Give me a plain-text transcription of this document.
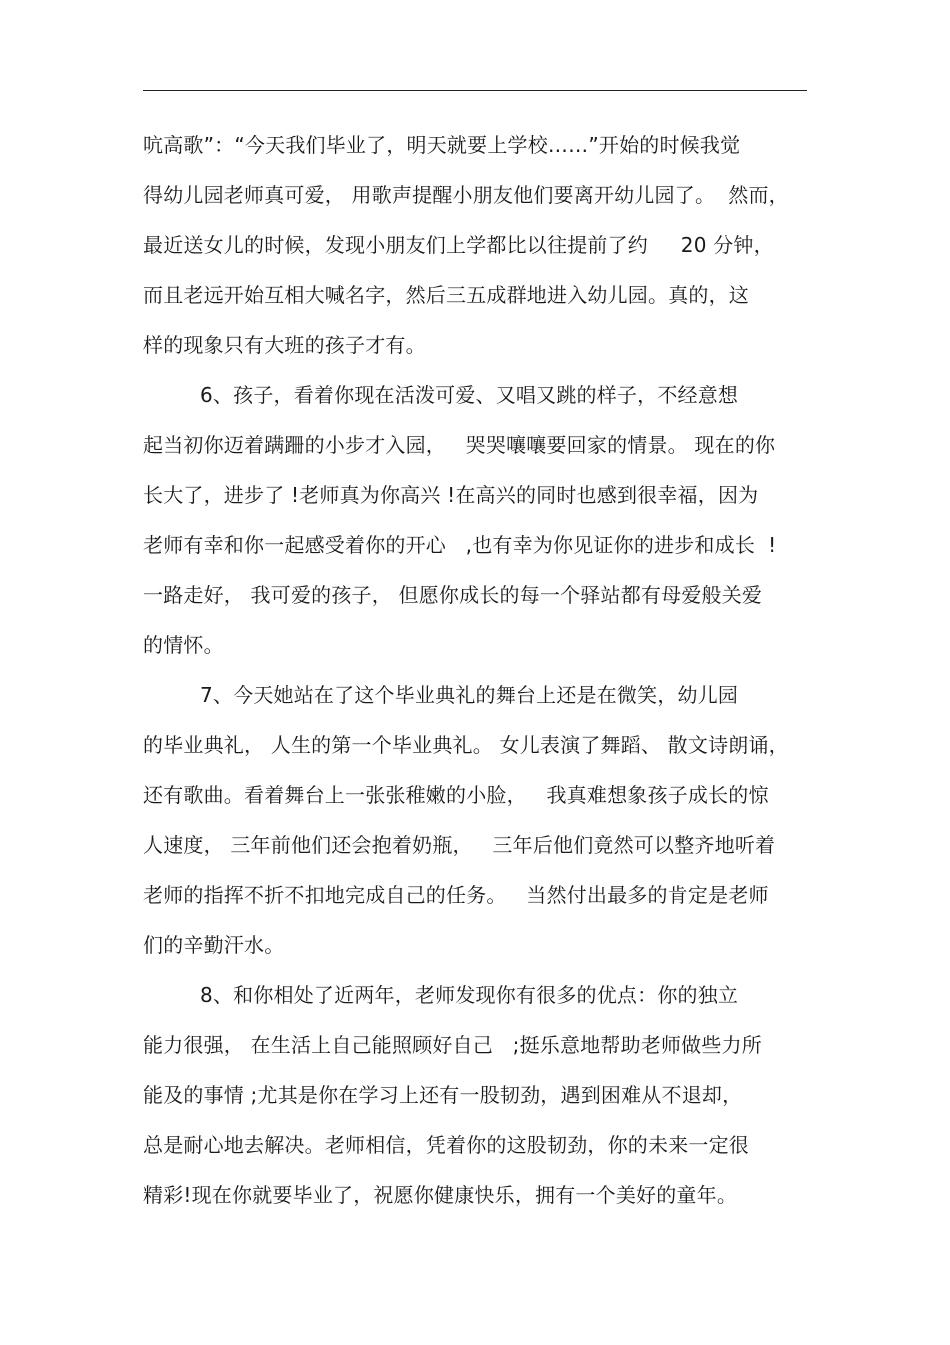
吭高歌”：“今天我们毕业了，明天就要上学校……”开始的时候我觉
得幼儿园老师真可爱， 用歌声提醒小朋友他们要离开幼儿园了。  然而，
最近送女儿的时候，发现小朋友们上学都比以往提前了约     20 分钟，
而且老远开始互相大喊名字，然后三五成群地进入幼儿园。真的，这
样的现象只有大班的孩子才有。
6、孩子，看着你现在活泼可爱、又唱又跳的样子，不经意想
起当初你迈着蹒跚的小步才入园，   哭哭嚷嚷要回家的情景。 现在的你
长大了，进步了 !老师真为你高兴 !在高兴的同时也感到很幸福，因为
老师有幸和你一起感受着你的开心   ,也有幸为你见证你的进步和成长  !
一路走好， 我可爱的孩子， 但愿你成长的每一个驿站都有母爱般关爱
的情怀。
7、今天她站在了这个毕业典礼的舞台上还是在微笑，幼儿园
的毕业典礼， 人生的第一个毕业典礼。 女儿表演了舞蹈、 散文诗朗诵，
还有歌曲。看着舞台上一张张稚嫩的小脸，   我真难想象孩子成长的惊
人速度， 三年前他们还会抱着奶瓶，   三年后他们竟然可以整齐地听着
老师的指挥不折不扣地完成自己的任务。   当然付出最多的肯定是老师
们的辛勤汗水。
8、和你相处了近两年，老师发现你有很多的优点：你的独立
能力很强， 在生活上自己能照顾好自己   ;挺乐意地帮助老师做些力所
能及的事情 ;尤其是你在学习上还有一股韧劲，遇到困难从不退却，
总是耐心地去解决。老师相信，凭着你的这股韧劲，你的未来一定很
精彩!现在你就要毕业了，祝愿你健康快乐，拥有一个美好的童年。
